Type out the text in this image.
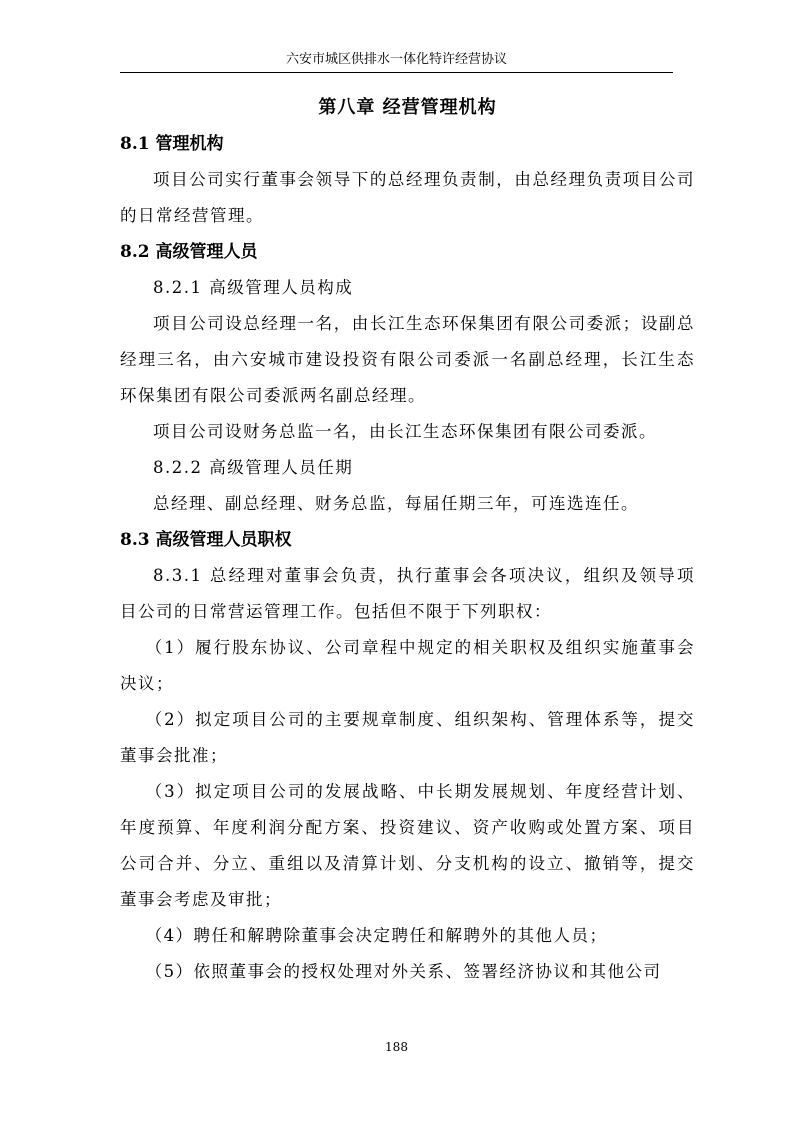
六安市城区供排水一体化特许经营协议

第八章 经营管理机构

8.1 管理机构

项目公司实行董事会领导下的总经理负责制，由总经理负责项目公司的日常经营管理。

8.2 高级管理人员

8.2.1 高级管理人员构成

项目公司设总经理一名，由长江生态环保集团有限公司委派；设副总经理三名，由六安城市建设投资有限公司委派一名副总经理，长江生态环保集团有限公司委派两名副总经理。

项目公司设财务总监一名，由长江生态环保集团有限公司委派。

8.2.2 高级管理人员任期

总经理、副总经理、财务总监，每届任期三年，可连选连任。

8.3 高级管理人员职权

8.3.1 总经理对董事会负责，执行董事会各项决议，组织及领导项目公司的日常营运管理工作。包括但不限于下列职权：

（1）履行股东协议、公司章程中规定的相关职权及组织实施董事会决议；

（2）拟定项目公司的主要规章制度、组织架构、管理体系等，提交董事会批准；

（3）拟定项目公司的发展战略、中长期发展规划、年度经营计划、年度预算、年度利润分配方案、投资建议、资产收购或处置方案、项目公司合并、分立、重组以及清算计划、分支机构的设立、撤销等，提交董事会考虑及审批；

（4）聘任和解聘除董事会决定聘任和解聘外的其他人员；

（5）依照董事会的授权处理对外关系、签署经济协议和其他公司

188
